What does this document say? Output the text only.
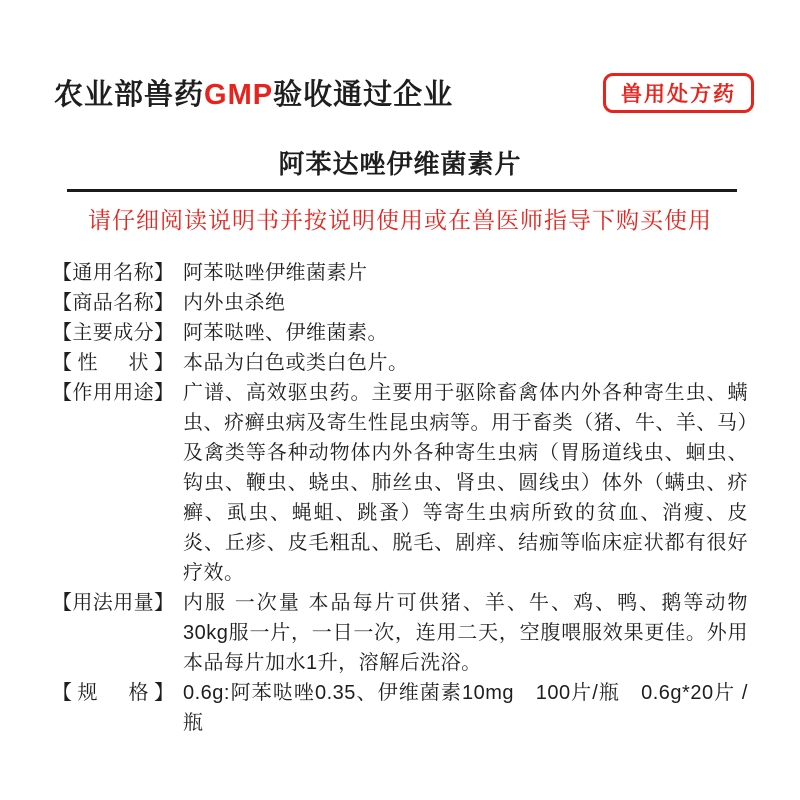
农业部兽药GMP验收通过企业	兽用处方药
阿苯达唑伊维菌素片
请仔细阅读说明书并按说明使用或在兽医师指导下购买使用
【通用名称】 阿苯哒唑伊维菌素片
【商品名称】 内外虫杀绝
【主要成分】 阿苯哒唑、伊维菌素。
【性　状】 本品为白色或类白色片。
【作用用途】 广谱、高效驱虫药。主要用于驱除畜禽体内外各种寄生虫、螨虫、疥癣虫病及寄生性昆虫病等。用于畜类（猪、牛、羊、马）及禽类等各种动物体内外各种寄生虫病（胃肠道线虫、蛔虫、钩虫、鞭虫、蛲虫、肺丝虫、肾虫、圆线虫）体外（螨虫、疥癣、虱虫、蝇蛆、跳蚤）等寄生虫病所致的贫血、消瘦、皮炎、丘疹、皮毛粗乱、脱毛、剧痒、结痂等临床症状都有很好疗效。
【用法用量】 内服 一次量 本品每片可供猪、羊、牛、鸡、鸭、鹅等动物30kg服一片，一日一次，连用二天，空腹喂服效果更佳。外用本品每片加水1升，溶解后洗浴。
【规　格】 0.6g:阿苯哒唑0.35、伊维菌素10mg　100片/瓶　0.6g*20片 / 瓶
